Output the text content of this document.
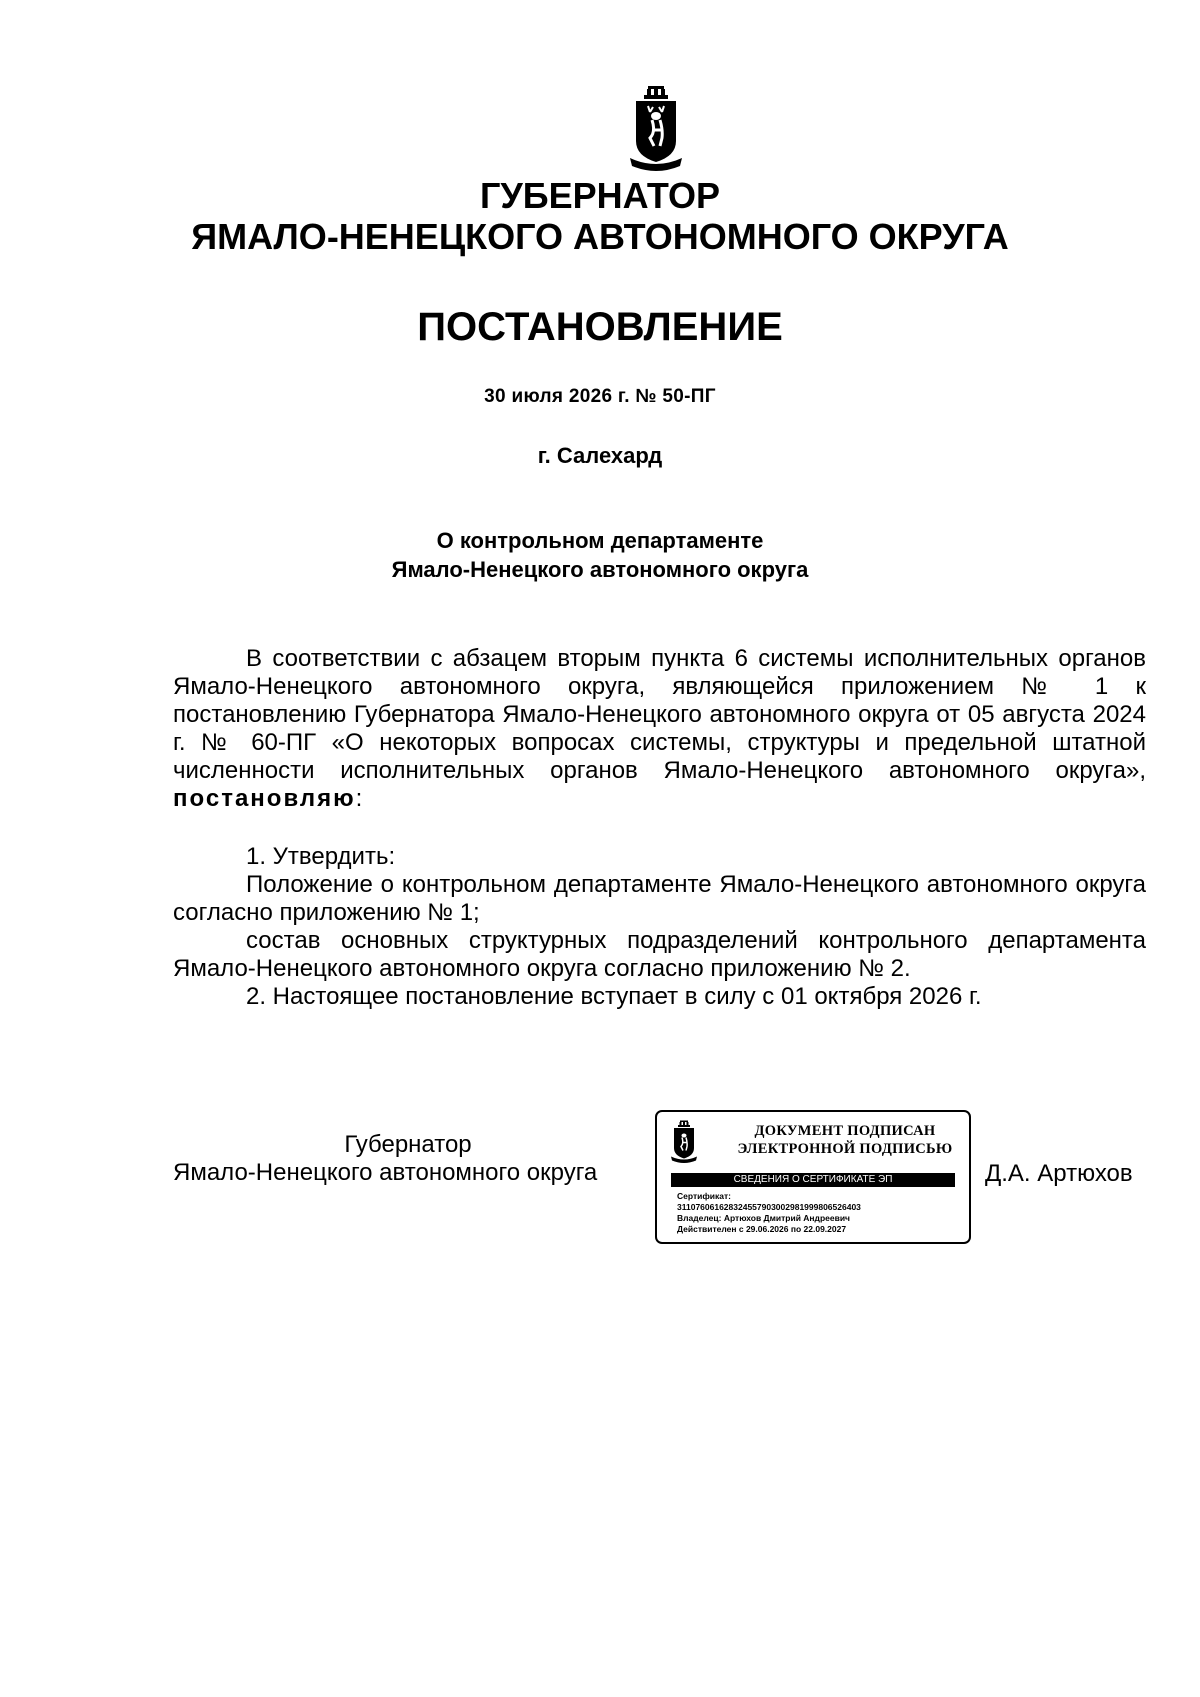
ГУБЕРНАТОР
ЯМАЛО-НЕНЕЦКОГО АВТОНОМНОГО ОКРУГА
ПОСТАНОВЛЕНИЕ
30 июля 2026 г. № 50-ПГ
г. Салехард
О контрольном департаменте
Ямало-Ненецкого автономного округа

В соответствии с абзацем вторым пункта 6 системы исполнительных органов Ямало-Ненецкого автономного округа, являющейся приложением № 1 к постановлению Губернатора Ямало-Ненецкого автономного округа от 05 августа 2024 г. № 60-ПГ «О некоторых вопросах системы, структуры и предельной штатной численности исполнительных органов Ямало-Ненецкого автономного округа», постановляю:

1. Утвердить:

Положение о контрольном департаменте Ямало-Ненецкого автономного округа согласно приложению № 1;

состав основных структурных подразделений контрольного департамента Ямало-Ненецкого автономного округа согласно приложению № 2.

2. Настоящее постановление вступает в силу с 01 октября 2026 г.

Губернатор
Ямало-Ненецкого автономного округа
ДОКУМЕНТ ПОДПИСАН
ЭЛЕКТРОННОЙ ПОДПИСЬЮ
СВЕДЕНИЯ О СЕРТИФИКАТЕ ЭП
Сертификат:
311076061628324557903002981999806526403
Владелец: Артюхов Дмитрий Андреевич
Действителен с 29.06.2026 по 22.09.2027
Д.А. Артюхов
